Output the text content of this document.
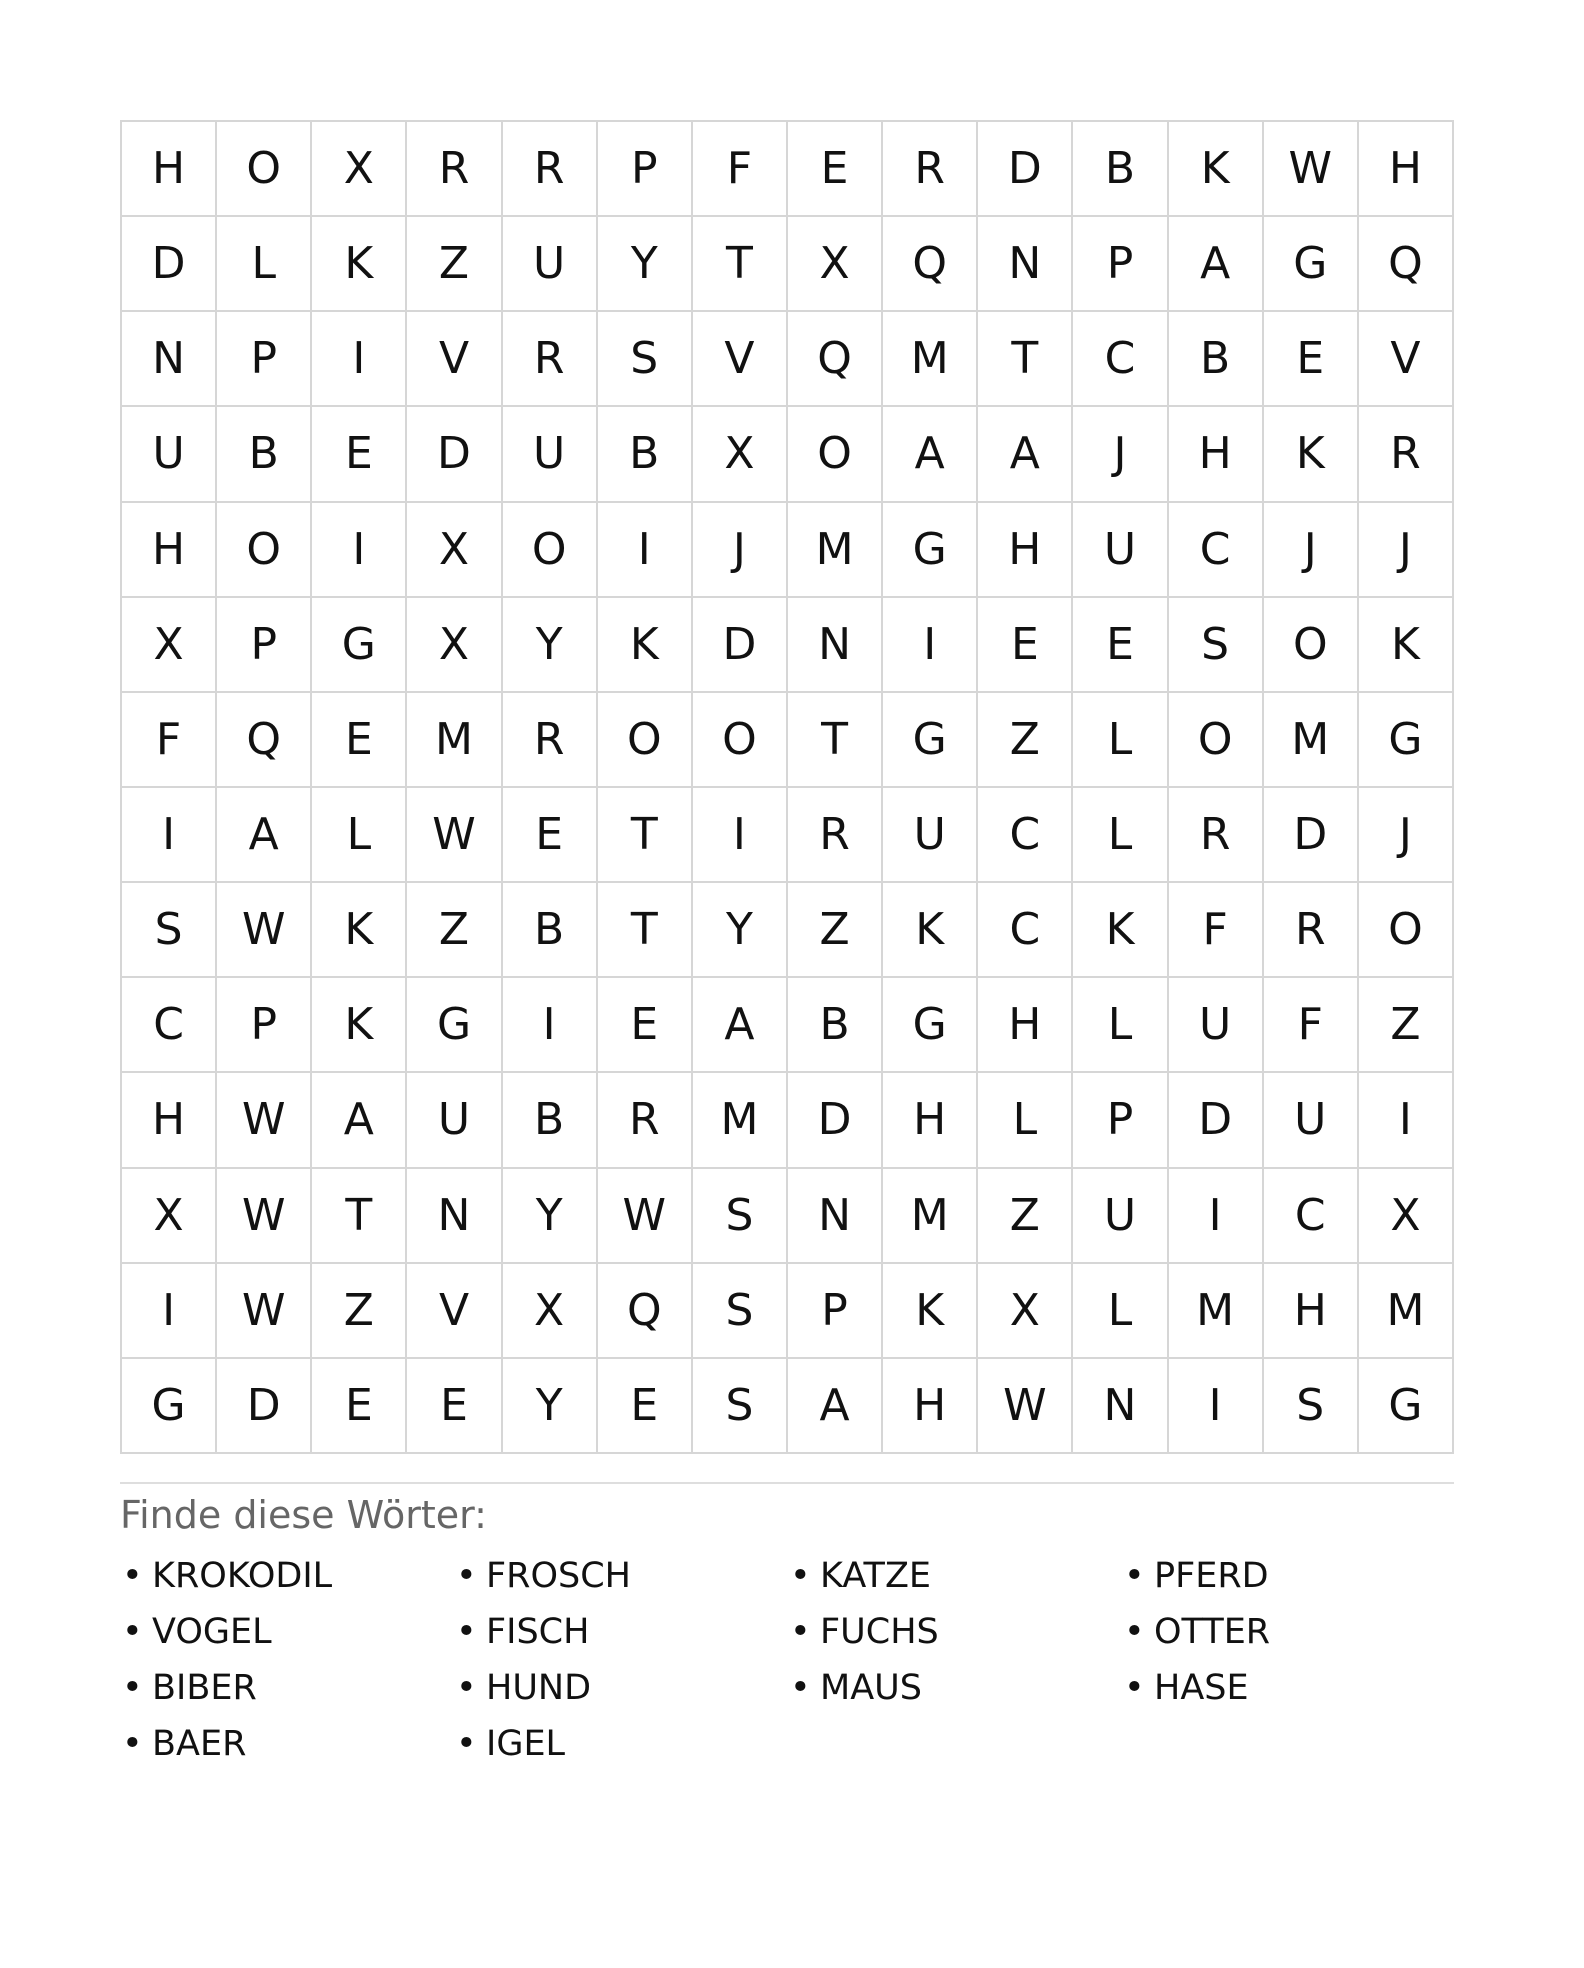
H	O	X	R	R	P	F	E	R	D	B	K	W	H
D	L	K	Z	U	Y	T	X	Q	N	P	A	G	Q
N	P	I	V	R	S	V	Q	M	T	C	B	E	V
U	B	E	D	U	B	X	O	A	A	J	H	K	R
H	O	I	X	O	I	J	M	G	H	U	C	J	J
X	P	G	X	Y	K	D	N	I	E	E	S	O	K
F	Q	E	M	R	O	O	T	G	Z	L	O	M	G
I	A	L	W	E	T	I	R	U	C	L	R	D	J
S	W	K	Z	B	T	Y	Z	K	C	K	F	R	O
C	P	K	G	I	E	A	B	G	H	L	U	F	Z
H	W	A	U	B	R	M	D	H	L	P	D	U	I
X	W	T	N	Y	W	S	N	M	Z	U	I	C	X
I	W	Z	V	X	Q	S	P	K	X	L	M	H	M
G	D	E	E	Y	E	S	A	H	W	N	I	S	G
Finde diese Wörter:
• KROKODIL	• FROSCH	• KATZE	• PFERD
• VOGEL	• FISCH	• FUCHS	• OTTER
• BIBER	• HUND	• MAUS	• HASE
• BAER	• IGEL
